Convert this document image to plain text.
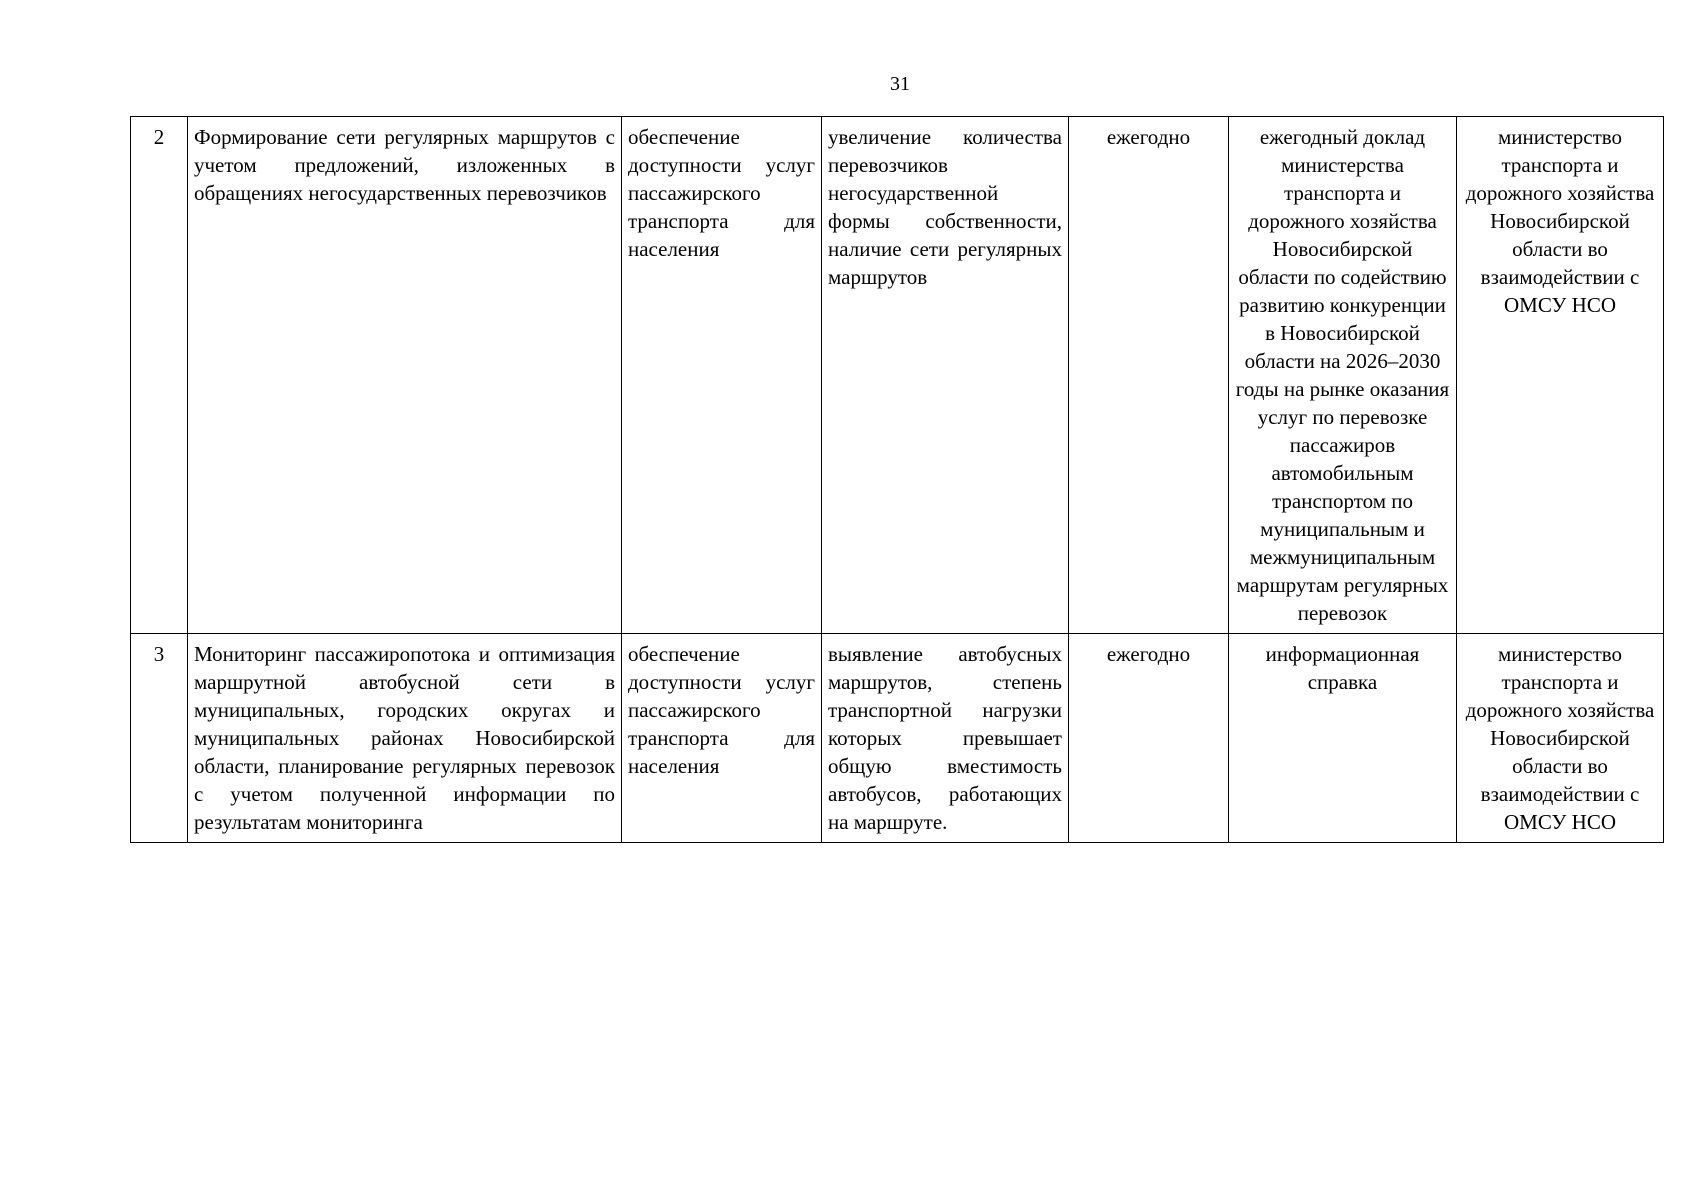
31
2	Формирование сети регулярных маршрутов с учетом предложений, изложенных в обращениях негосударственных перевозчиков	обеспечение доступности услуг пассажирского транспорта для населения	увеличение количества перевозчиков негосударственной формы собственности, наличие сети регулярных маршрутов	ежегодно	ежегодный доклад министерства транспорта и дорожного хозяйства Новосибирской области по содействию развитию конкуренции в Новосибирской области на 2026–2030 годы на рынке оказания услуг по перевозке пассажиров автомобильным транспортом по муниципальным и межмуниципальным маршрутам регулярных перевозок	министерство транспорта и дорожного хозяйства Новосибирской области во взаимодействии с ОМСУ НСО
3	Мониторинг пассажиропотока и оптимизация маршрутной автобусной сети в муниципальных, городских округах и муниципальных районах Новосибирской области, планирование регулярных перевозок с учетом полученной информации по результатам мониторинга	обеспечение доступности услуг пассажирского транспорта для населения	выявление автобусных маршрутов, степень транспортной нагрузки которых превышает общую вместимость автобусов, работающих на маршруте.	ежегодно	информационная справка	министерство транспорта и дорожного хозяйства Новосибирской области во взаимодействии с ОМСУ НСО
